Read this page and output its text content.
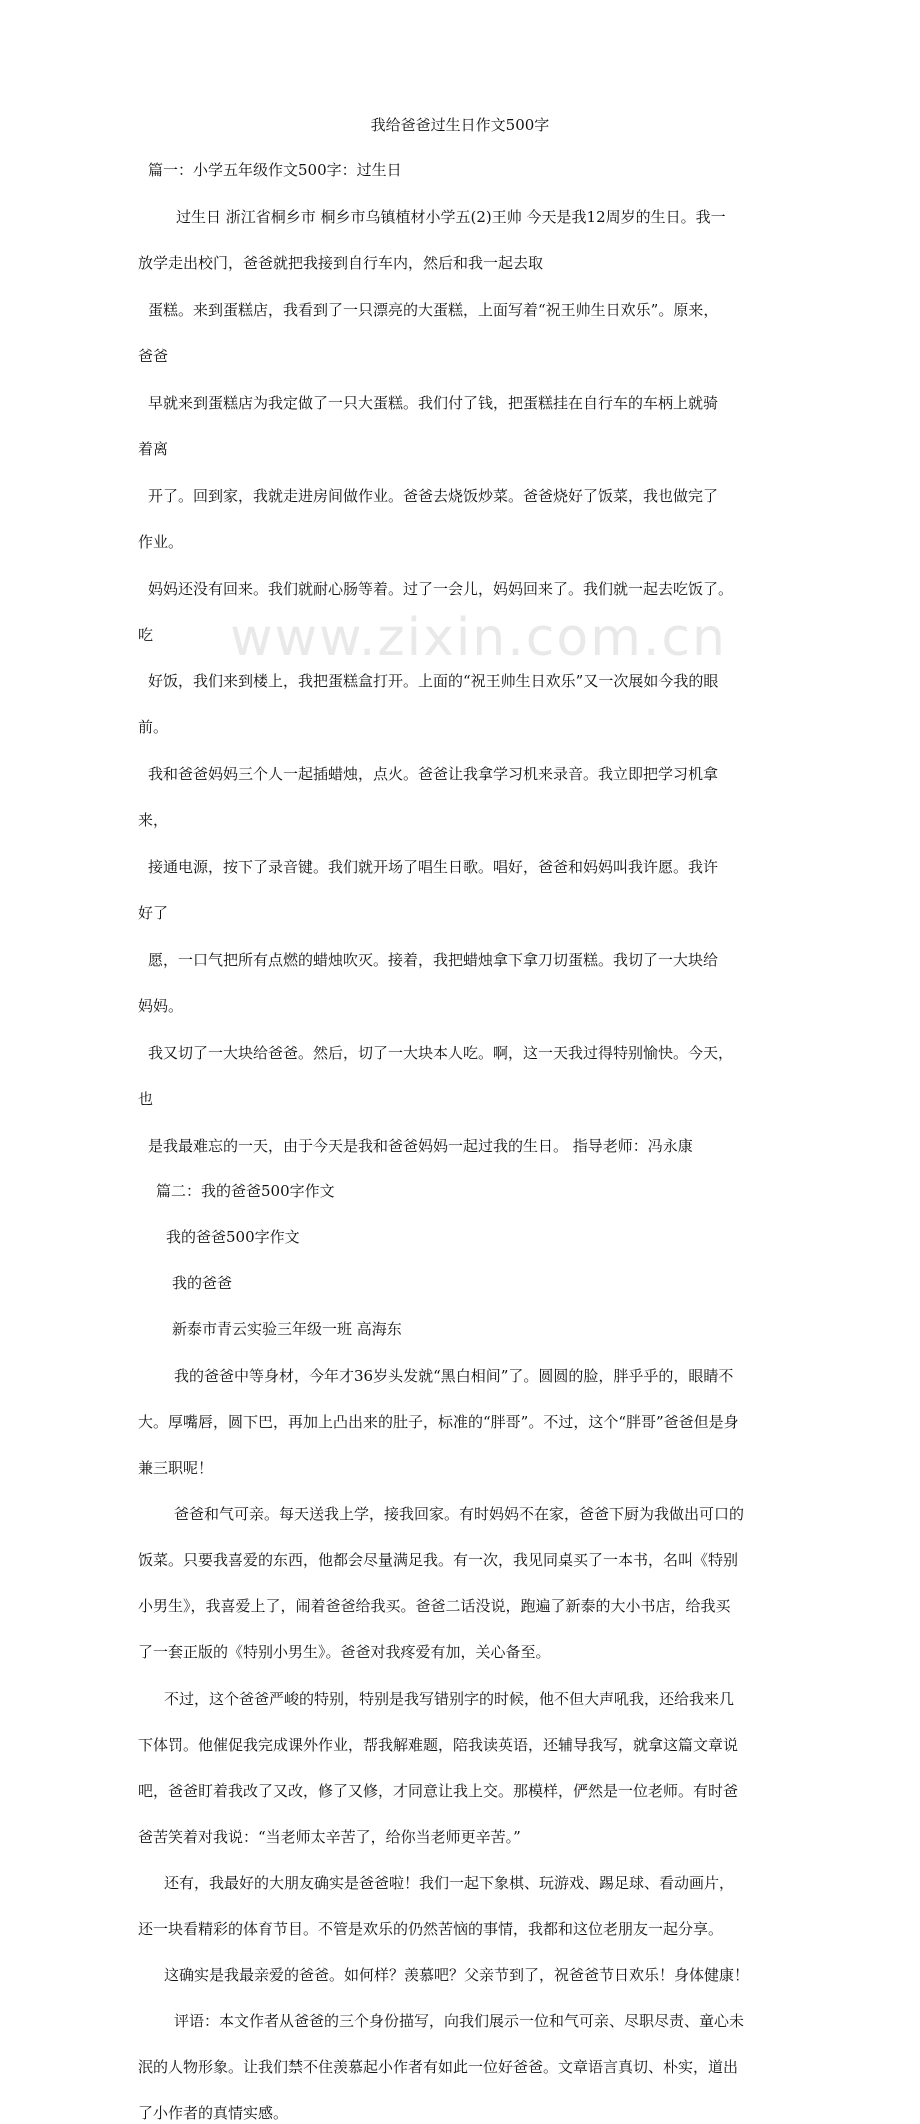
www.zixin.com.cn
我给爸爸过生日作文500字
篇一：小学五年级作文500字：过生日
过生日 浙江省桐乡市 桐乡市乌镇植材小学五(2)王帅 今天是我12周岁的生日。我一
放学走出校门，爸爸就把我接到自行车内，然后和我一起去取
蛋糕。来到蛋糕店，我看到了一只漂亮的大蛋糕，上面写着“祝王帅生日欢乐”。原来，
爸爸
早就来到蛋糕店为我定做了一只大蛋糕。我们付了钱，把蛋糕挂在自行车的车柄上就骑
着离
开了。回到家，我就走进房间做作业。爸爸去烧饭炒菜。爸爸烧好了饭菜，我也做完了
作业。
妈妈还没有回来。我们就耐心肠等着。过了一会儿，妈妈回来了。我们就一起去吃饭了。
吃
好饭，我们来到楼上，我把蛋糕盒打开。上面的“祝王帅生日欢乐”又一次展如今我的眼
前。
我和爸爸妈妈三个人一起插蜡烛，点火。爸爸让我拿学习机来录音。我立即把学习机拿
来，
接通电源，按下了录音键。我们就开场了唱生日歌。唱好，爸爸和妈妈叫我许愿。我许
好了
愿，一口气把所有点燃的蜡烛吹灭。接着，我把蜡烛拿下拿刀切蛋糕。我切了一大块给
妈妈。
我又切了一大块给爸爸。然后，切了一大块本人吃。啊，这一天我过得特别愉快。今天，
也
是我最难忘的一天，由于今天是我和爸爸妈妈一起过我的生日。 指导老师：冯永康
篇二：我的爸爸500字作文
我的爸爸500字作文
我的爸爸
新泰市青云实验三年级一班 高海东
我的爸爸中等身材，今年才36岁头发就“黑白相间”了。圆圆的脸，胖乎乎的，眼睛不
大。厚嘴唇，圆下巴，再加上凸出来的肚子，标准的“胖哥”。不过，这个“胖哥”爸爸但是身
兼三职呢！
爸爸和气可亲。每天送我上学，接我回家。有时妈妈不在家，爸爸下厨为我做出可口的
饭菜。只要我喜爱的东西，他都会尽量满足我。有一次，我见同桌买了一本书，名叫《特别
小男生》，我喜爱上了，闹着爸爸给我买。爸爸二话没说，跑遍了新泰的大小书店，给我买
了一套正版的《特别小男生》。爸爸对我疼爱有加，关心备至。
不过，这个爸爸严峻的特别，特别是我写错别字的时候，他不但大声吼我，还给我来几
下体罚。他催促我完成课外作业，帮我解难题，陪我读英语，还辅导我写，就拿这篇文章说
吧，爸爸盯着我改了又改，修了又修，才同意让我上交。那模样，俨然是一位老师。有时爸
爸苦笑着对我说：“当老师太辛苦了，给你当老师更辛苦。”
还有，我最好的大朋友确实是爸爸啦！我们一起下象棋、玩游戏、踢足球、看动画片，
还一块看精彩的体育节目。不管是欢乐的仍然苦恼的事情，我都和这位老朋友一起分享。
这确实是我最亲爱的爸爸。如何样？羡慕吧？父亲节到了，祝爸爸节日欢乐！身体健康！
评语：本文作者从爸爸的三个身份描写，向我们展示一位和气可亲、尽职尽责、童心未
泯的人物形象。让我们禁不住羡慕起小作者有如此一位好爸爸。文章语言真切、朴实，道出
了小作者的真情实感。
